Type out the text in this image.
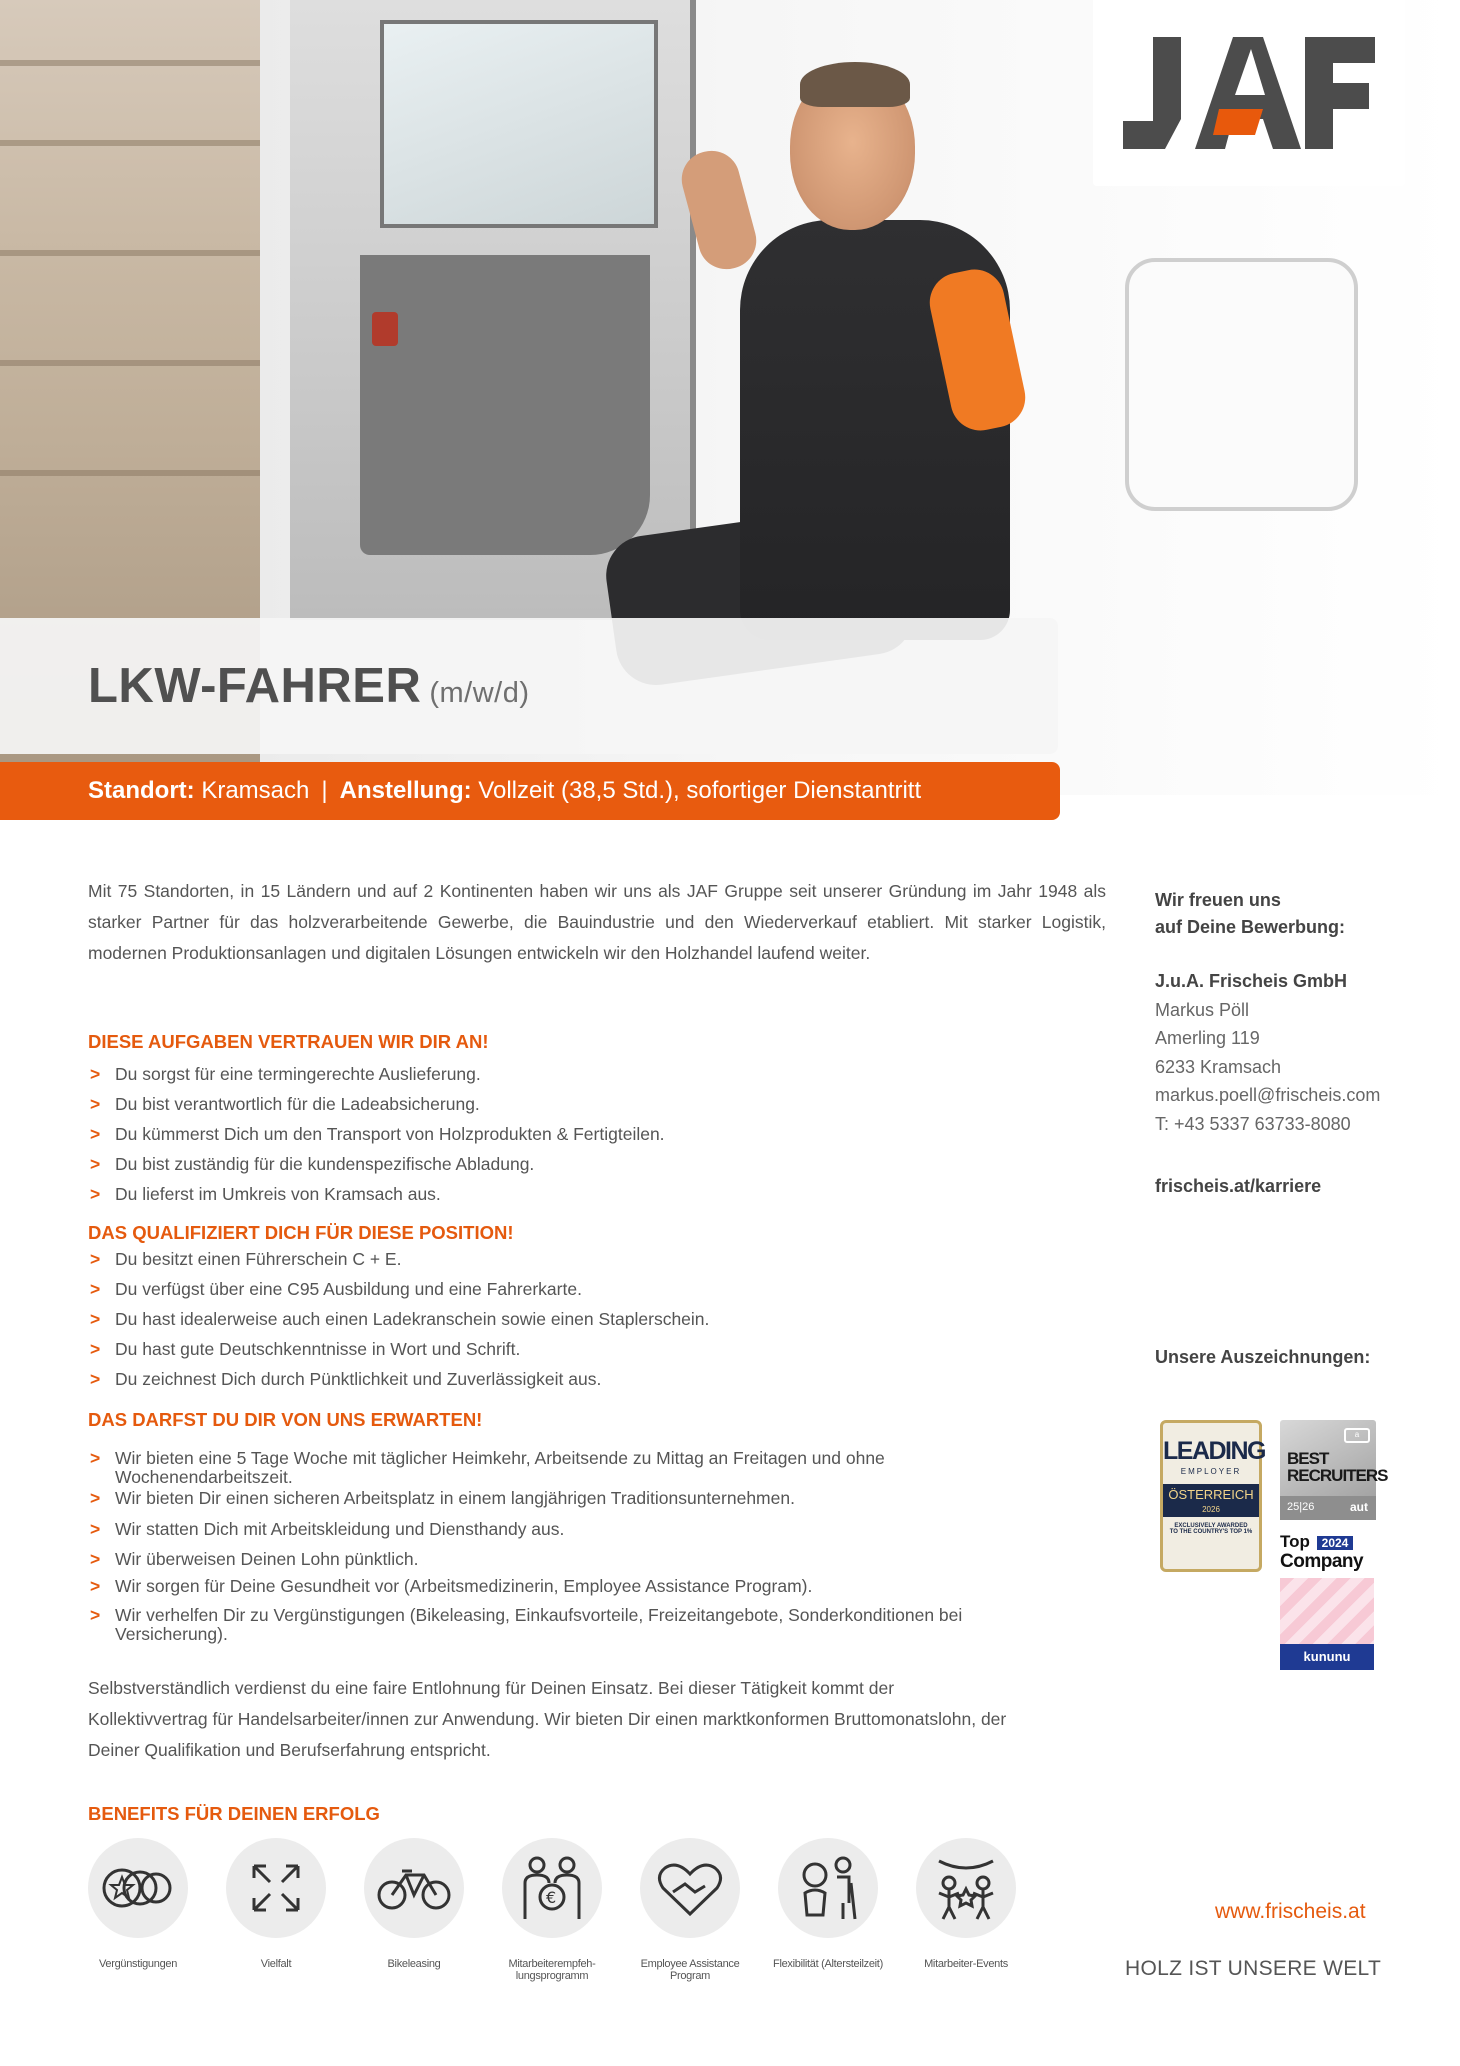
LKW-FAHRER (m/w/d)
Standort:
Kramsach | Anstellung:
Vollzeit (38,5 Std.), sofortiger Dienstantritt

Mit 75 Standorten, in 15 Ländern und auf 2 Kontinenten haben wir uns als JAF Gruppe seit unserer Gründung im Jahr 1948 als starker Partner für das holzverarbeitende Gewerbe, die Bauindustrie und den Wiederverkauf etabliert. Mit starker Logistik, modernen Produktionsanlagen und digitalen Lösungen entwickeln wir den Holzhandel laufend weiter.

DIESE AUFGABEN VERTRAUEN WIR DIR AN!
> Du sorgst für eine termingerechte Auslieferung.
> Du bist verantwortlich für die Ladeabsicherung.
> Du kümmerst Dich um den Transport von Holzprodukten & Fertigteilen.
> Du bist zuständig für die kundenspezifische Abladung.
> Du lieferst im Umkreis von Kramsach aus.
DAS QUALIFIZIERT DICH FÜR DIESE POSITION!
> Du besitzt einen Führerschein C + E.
> Du verfügst über eine C95 Ausbildung und eine Fahrerkarte.
> Du hast idealerweise auch einen Ladekranschein sowie einen Staplerschein.
> Du hast gute Deutschkenntnisse in Wort und Schrift.
> Du zeichnest Dich durch Pünktlichkeit und Zuverlässigkeit aus.
DAS DARFST DU DIR VON UNS ERWARTEN!
> Wir bieten eine 5 Tage Woche mit täglicher Heimkehr, Arbeitsende zu Mittag an Freitagen und ohne Wochenendarbeitszeit.
> Wir bieten Dir einen sicheren Arbeitsplatz in einem langjährigen Traditionsunternehmen.
> Wir statten Dich mit Arbeitskleidung und Diensthandy aus.
> Wir überweisen Deinen Lohn pünktlich.
> Wir sorgen für Deine Gesundheit vor (Arbeitsmedizinerin, Employee Assistance Program).
> Wir verhelfen Dir zu Vergünstigungen (Bikeleasing, Einkaufsvorteile, Freizeitangebote, Sonderkonditionen bei Versicherung).

Selbstverständlich verdienst du eine faire Entlohnung für Deinen Einsatz. Bei dieser Tätigkeit kommt der Kollektivvertrag für Handelsarbeiter/innen zur Anwendung. Wir bieten Dir einen marktkonformen Bruttomonatslohn, der Deiner Qualifikation und Berufserfahrung entspricht.

BENEFITS FÜR DEINEN ERFOLG
Vergünstigungen	Vielfalt	Bikeleasing
€
Mitarbeiterempfeh-lungsprogramm
Employee Assistance Program
Flexibilität (Altersteilzeit)	Mitarbeiter-Events
Wir freuen uns
auf Deine Bewerbung:
J.u.A. Frischeis GmbH
Markus Pöll
Amerling 119
6233 Kramsach
markus.poell@frischeis.com
T: +43 5337 63733-8080
frischeis.at/karriere
Unsere Auszeichnungen:
LEADING
EMPLOYER
ÖSTERREICH
2026
EXCLUSIVELY AWARDED
TO THE COUNTRY'S TOP 1%
a
BEST
RECRUITERS
25|26	aut
Top 2024
Company
kununu
www.frischeis.at
HOLZ IST UNSERE WELT
